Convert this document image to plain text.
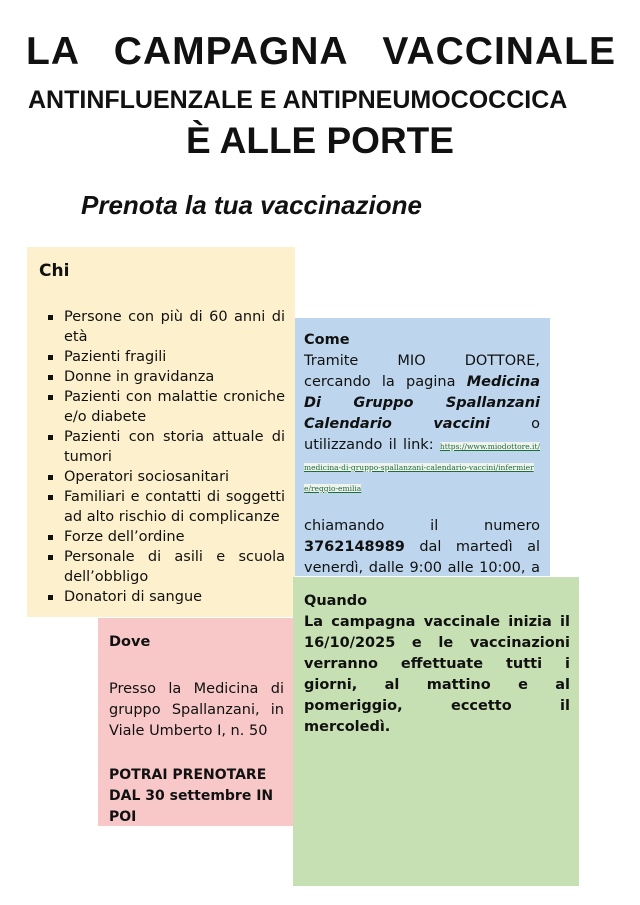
LA CAMPAGNA VACCINALE
ANTINFLUENZALE E ANTIPNEUMOCOCCICA
È ALLE PORTE
Prenota la tua vaccinazione

Chi

Persone con più di 60 anni di età
Pazienti fragili
Donne in gravidanza
Pazienti con malattie croniche e/o diabete
Pazienti con storia attuale di tumori
Operatori sociosanitari
Familiari e contatti di soggetti ad alto rischio di complicanze
Forze dell’ordine
Personale di asili e scuola dell’obbligo
Donatori di sangue

Come

Tramite MIO DOTTORE, cercando la pagina Medicina Di Gruppo Spallanzani Calendario vaccini o utilizzando il link: https://www.miodottore.it/medicina-di-gruppo-spallanzani-calendario-vaccini/infermiere/reggio-emilia

chiamando il numero 3762148989 dal martedì al venerdì, dalle 9:00 alle 10:00, a

Dove

Presso la Medicina di gruppo Spallanzani, in Viale Umberto I, n. 50

POTRAI PRENOTARE DAL 30 settembre IN POI

Quando

La campagna vaccinale inizia il 16/10/2025 e le vaccinazioni verranno effettuate tutti i giorni, al mattino e al pomeriggio, eccetto il mercoledì.
